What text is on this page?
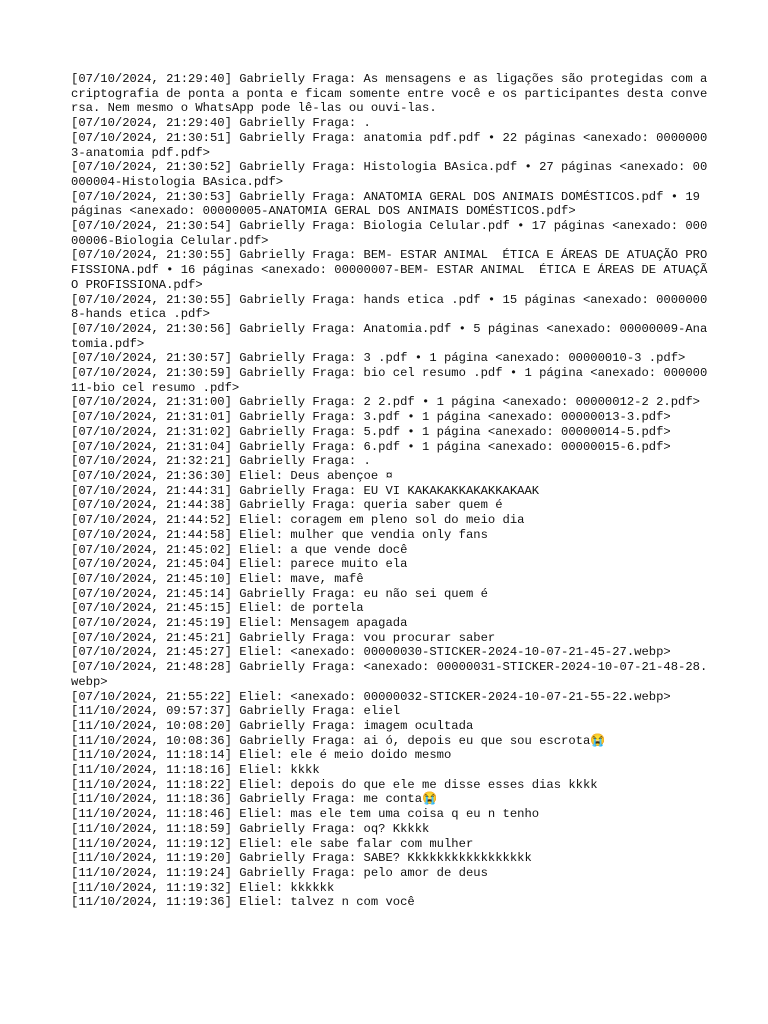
[07/10/2024, 21:29:40] Gabrielly Fraga: As mensagens e as ligações são protegidas com a criptografia de ponta a ponta e ficam somente entre você e os participantes desta conversa. Nem mesmo o WhatsApp pode lê-las ou ouvi-las.
[07/10/2024, 21:29:40] Gabrielly Fraga: .
[07/10/2024, 21:30:51] Gabrielly Fraga: anatomia pdf.pdf • 22 páginas <anexado: 00000003-anatomia pdf.pdf>
[07/10/2024, 21:30:52] Gabrielly Fraga: Histologia BAsica.pdf • 27 páginas <anexado: 00000004-Histologia BAsica.pdf>
[07/10/2024, 21:30:53] Gabrielly Fraga: ANATOMIA GERAL DOS ANIMAIS DOMÉSTICOS.pdf • 19 páginas <anexado: 00000005-ANATOMIA GERAL DOS ANIMAIS DOMÉSTICOS.pdf>
[07/10/2024, 21:30:54] Gabrielly Fraga: Biologia Celular.pdf • 17 páginas <anexado: 00000006-Biologia Celular.pdf>
[07/10/2024, 21:30:55] Gabrielly Fraga: BEM- ESTAR ANIMAL  ÉTICA E ÁREAS DE ATUAÇÃO PROFISSIONA.pdf • 16 páginas <anexado: 00000007-BEM- ESTAR ANIMAL  ÉTICA E ÁREAS DE ATUAÇÃO PROFISSIONA.pdf>
[07/10/2024, 21:30:55] Gabrielly Fraga: hands etica .pdf • 15 páginas <anexado: 00000008-hands etica .pdf>
[07/10/2024, 21:30:56] Gabrielly Fraga: Anatomia.pdf • 5 páginas <anexado: 00000009-Anatomia.pdf>
[07/10/2024, 21:30:57] Gabrielly Fraga: 3 .pdf • 1 página <anexado: 00000010-3 .pdf>
[07/10/2024, 21:30:59] Gabrielly Fraga: bio cel resumo .pdf • 1 página <anexado: 00000011-bio cel resumo .pdf>
[07/10/2024, 21:31:00] Gabrielly Fraga: 2 2.pdf • 1 página <anexado: 00000012-2 2.pdf>
[07/10/2024, 21:31:01] Gabrielly Fraga: 3.pdf • 1 página <anexado: 00000013-3.pdf>
[07/10/2024, 21:31:02] Gabrielly Fraga: 5.pdf • 1 página <anexado: 00000014-5.pdf>
[07/10/2024, 21:31:04] Gabrielly Fraga: 6.pdf • 1 página <anexado: 00000015-6.pdf>
[07/10/2024, 21:32:21] Gabrielly Fraga: .
[07/10/2024, 21:36:30] Eliel: Deus abençoe ¤
[07/10/2024, 21:44:31] Gabrielly Fraga: EU VI KAKAKAKKAKAKKAKAAK
[07/10/2024, 21:44:38] Gabrielly Fraga: queria saber quem é
[07/10/2024, 21:44:52] Eliel: coragem em pleno sol do meio dia
[07/10/2024, 21:44:58] Eliel: mulher que vendia only fans
[07/10/2024, 21:45:02] Eliel: a que vende docê
[07/10/2024, 21:45:04] Eliel: parece muito ela
[07/10/2024, 21:45:10] Eliel: mave, mafê
[07/10/2024, 21:45:14] Gabrielly Fraga: eu não sei quem é
[07/10/2024, 21:45:15] Eliel: de portela
[07/10/2024, 21:45:19] Eliel: Mensagem apagada
[07/10/2024, 21:45:21] Gabrielly Fraga: vou procurar saber
[07/10/2024, 21:45:27] Eliel: <anexado: 00000030-STICKER-2024-10-07-21-45-27.webp>
[07/10/2024, 21:48:28] Gabrielly Fraga: <anexado: 00000031-STICKER-2024-10-07-21-48-28.webp>
[07/10/2024, 21:55:22] Eliel: <anexado: 00000032-STICKER-2024-10-07-21-55-22.webp>
[11/10/2024, 09:57:37] Gabrielly Fraga: eliel
[11/10/2024, 10:08:20] Gabrielly Fraga: imagem ocultada
[11/10/2024, 10:08:36] Gabrielly Fraga: ai ó, depois eu que sou escrota😭
[11/10/2024, 11:18:14] Eliel: ele é meio doido mesmo
[11/10/2024, 11:18:16] Eliel: kkkk
[11/10/2024, 11:18:22] Eliel: depois do que ele me disse esses dias kkkk
[11/10/2024, 11:18:36] Gabrielly Fraga: me conta😭
[11/10/2024, 11:18:46] Eliel: mas ele tem uma coisa q eu n tenho
[11/10/2024, 11:18:59] Gabrielly Fraga: oq? Kkkkk
[11/10/2024, 11:19:12] Eliel: ele sabe falar com mulher
[11/10/2024, 11:19:20] Gabrielly Fraga: SABE? Kkkkkkkkkkkkkkkkk
[11/10/2024, 11:19:24] Gabrielly Fraga: pelo amor de deus
[11/10/2024, 11:19:32] Eliel: kkkkkk
[11/10/2024, 11:19:36] Eliel: talvez n com você
